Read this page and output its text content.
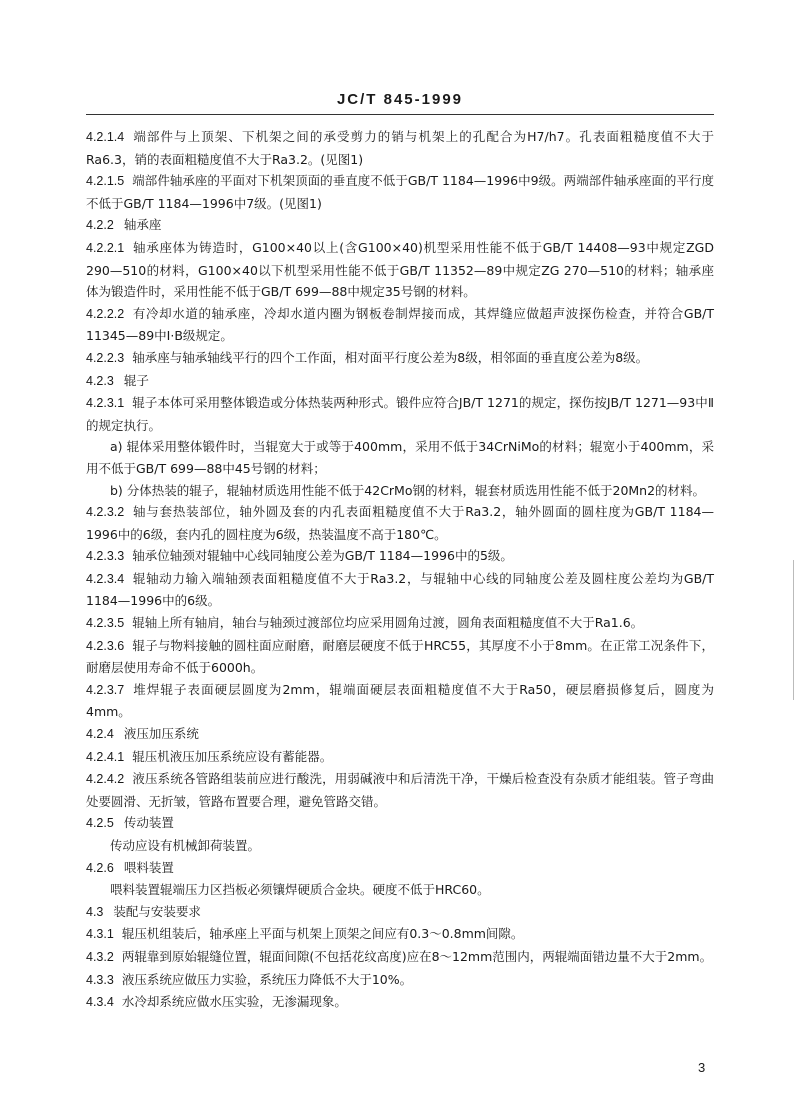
JC/T 845-1999

4.2.1.4 端部件与上顶架、下机架之间的承受剪力的销与机架上的孔配合为H7/h7。孔表面粗糙度值不大于Ra6.3，销的表面粗糙度值不大于Ra3.2。(见图1)

4.2.1.5 端部件轴承座的平面对下机架顶面的垂直度不低于GB/T 1184—1996中9级。两端部件轴承座面的平行度不低于GB/T 1184—1996中7级。(见图1)

4.2.2 轴承座

4.2.2.1 轴承座体为铸造时，G100×40以上(含G100×40)机型采用性能不低于GB/T 14408—93中规定ZGD 290—510的材料，G100×40以下机型采用性能不低于GB/T 11352—89中规定ZG 270—510的材料；轴承座体为锻造件时，采用性能不低于GB/T 699—88中规定35号钢的材料。

4.2.2.2 有冷却水道的轴承座，冷却水道内圈为钢板卷制焊接而成，其焊缝应做超声波探伤检查，并符合GB/T 11345—89中Ⅰ·B级规定。

4.2.2.3 轴承座与轴承轴线平行的四个工作面，相对面平行度公差为8级，相邻面的垂直度公差为8级。

4.2.3 辊子

4.2.3.1 辊子本体可采用整体锻造或分体热装两种形式。锻件应符合JB/T 1271的规定，探伤按JB/T 1271—93中Ⅱ的规定执行。

a) 辊体采用整体锻件时，当辊宽大于或等于400mm，采用不低于34CrNiMo的材料；辊宽小于400mm，采用不低于GB/T 699—88中45号钢的材料；

b) 分体热装的辊子，辊轴材质选用性能不低于42CrMo钢的材料，辊套材质选用性能不低于20Mn2的材料。

4.2.3.2 轴与套热装部位，轴外圆及套的内孔表面粗糙度值不大于Ra3.2，轴外圆面的圆柱度为GB/T 1184—1996中的6级，套内孔的圆柱度为6级，热装温度不高于180℃。

4.2.3.3 轴承位轴颈对辊轴中心线同轴度公差为GB/T 1184—1996中的5级。

4.2.3.4 辊轴动力输入端轴颈表面粗糙度值不大于Ra3.2，与辊轴中心线的同轴度公差及圆柱度公差均为GB/T 1184—1996中的6级。

4.2.3.5 辊轴上所有轴肩，轴台与轴颈过渡部位均应采用圆角过渡，圆角表面粗糙度值不大于Ra1.6。

4.2.3.6 辊子与物料接触的圆柱面应耐磨，耐磨层硬度不低于HRC55，其厚度不小于8mm。在正常工况条件下，耐磨层使用寿命不低于6000h。

4.2.3.7 堆焊辊子表面硬层圆度为2mm，辊端面硬层表面粗糙度值不大于Ra50，硬层磨损修复后，圆度为4mm。

4.2.4 液压加压系统

4.2.4.1 辊压机液压加压系统应设有蓄能器。

4.2.4.2 液压系统各管路组装前应进行酸洗，用弱碱液中和后清洗干净，干燥后检查没有杂质才能组装。管子弯曲处要圆滑、无折皱，管路布置要合理，避免管路交错。

4.2.5 传动装置

传动应设有机械卸荷装置。

4.2.6 喂料装置

喂料装置辊端压力区挡板必须镶焊硬质合金块。硬度不低于HRC60。

4.3 装配与安装要求

4.3.1 辊压机组装后，轴承座上平面与机架上顶架之间应有0.3～0.8mm间隙。

4.3.2 两辊靠到原始辊缝位置，辊面间隙(不包括花纹高度)应在8～12mm范围内，两辊端面错边量不大于2mm。

4.3.3 液压系统应做压力实验，系统压力降低不大于10%。

4.3.4 水冷却系统应做水压实验，无渗漏现象。

3
